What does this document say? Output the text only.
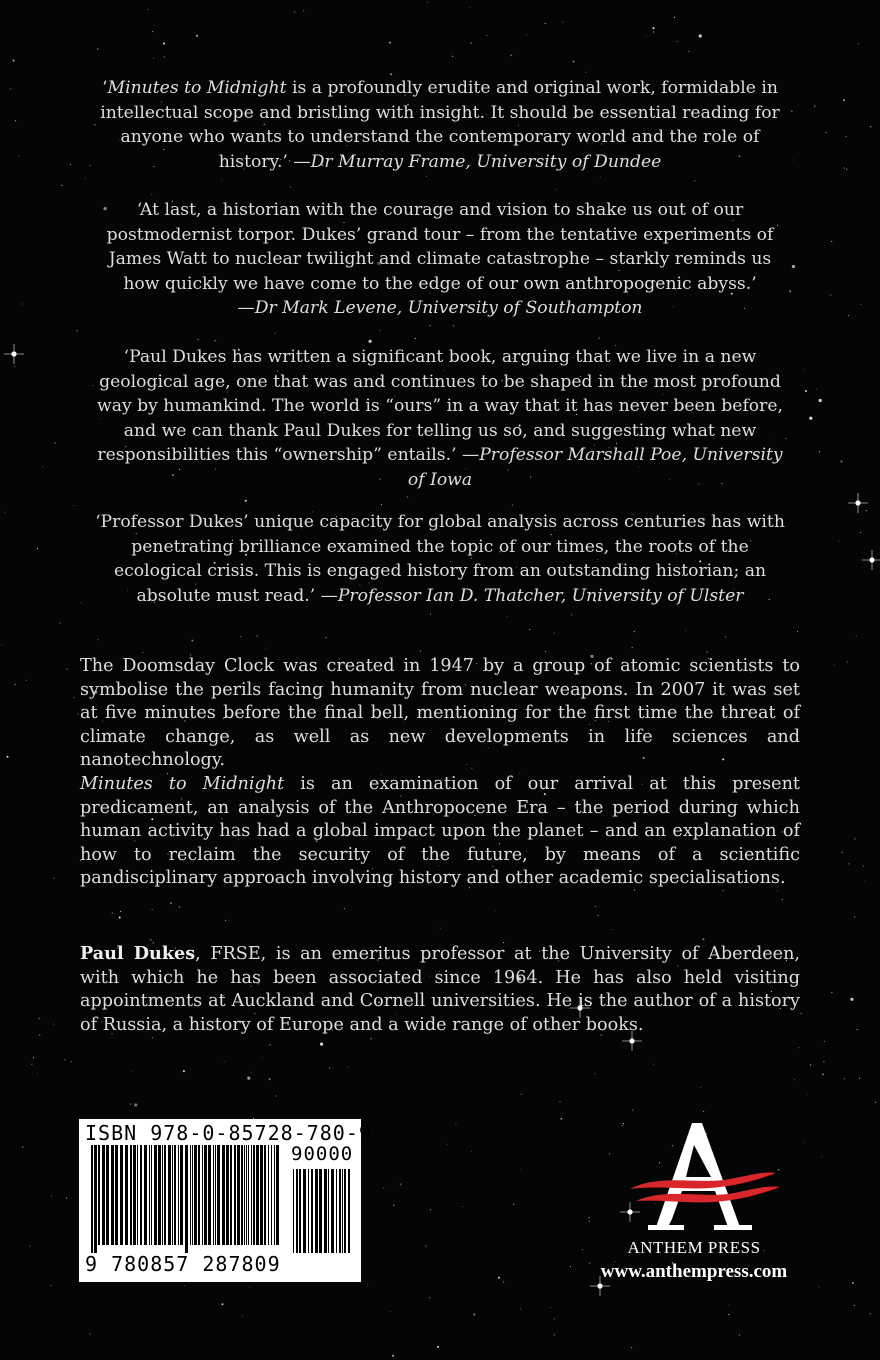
‘Minutes to Midnight is a profoundly erudite and original work, formidable in intellectual scope and bristling with insight. It should be essential reading for anyone who wants to understand the contemporary world and the role of history.’ —Dr Murray Frame, University of Dundee
‘At last, a historian with the courage and vision to shake us out of our postmodernist torpor. Dukes’ grand tour – from the tentative experiments of James Watt to nuclear twilight and climate catastrophe – starkly reminds us how quickly we have come to the edge of our own anthropogenic abyss.’
—Dr Mark Levene, University of Southampton
‘Paul Dukes has written a significant book, arguing that we live in a new geological age, one that was and continues to be shaped in the most profound way by humankind. The world is “ours” in a way that it has never been before, and we can thank Paul Dukes for telling us so, and suggesting what new responsibilities this “ownership” entails.’ —Professor Marshall Poe, University of Iowa
‘Professor Dukes’ unique capacity for global analysis across centuries has with penetrating brilliance examined the topic of our times, the roots of the ecological crisis. This is engaged history from an outstanding historian; an absolute must read.’ —Professor Ian D. Thatcher, University of Ulster
The Doomsday Clock was created in 1947 by a group of atomic scientists to symbolise the perils facing humanity from nuclear weapons. In 2007 it was set at five minutes before the final bell, mentioning for the first time the threat of climate change, as well as new developments in life sciences and nanotechnology.
Minutes to Midnight is an examination of our arrival at this present predicament, an analysis of the Anthropocene Era – the period during which human activity has had a global impact upon the planet – and an explanation of how to reclaim the security of the future, by means of a scientific pandisciplinary approach involving history and other academic specialisations.
Paul Dukes, FRSE, is an emeritus professor at the University of Aberdeen, with which he has been associated since 1964. He has also held visiting appointments at Auckland and Cornell universities. He is the author of a history of Russia, a history of Europe and a wide range of other books.
ISBN 978-0-85728-780-9
90000
9 780857 287809
ANTHEM PRESS
www.anthempress.com
